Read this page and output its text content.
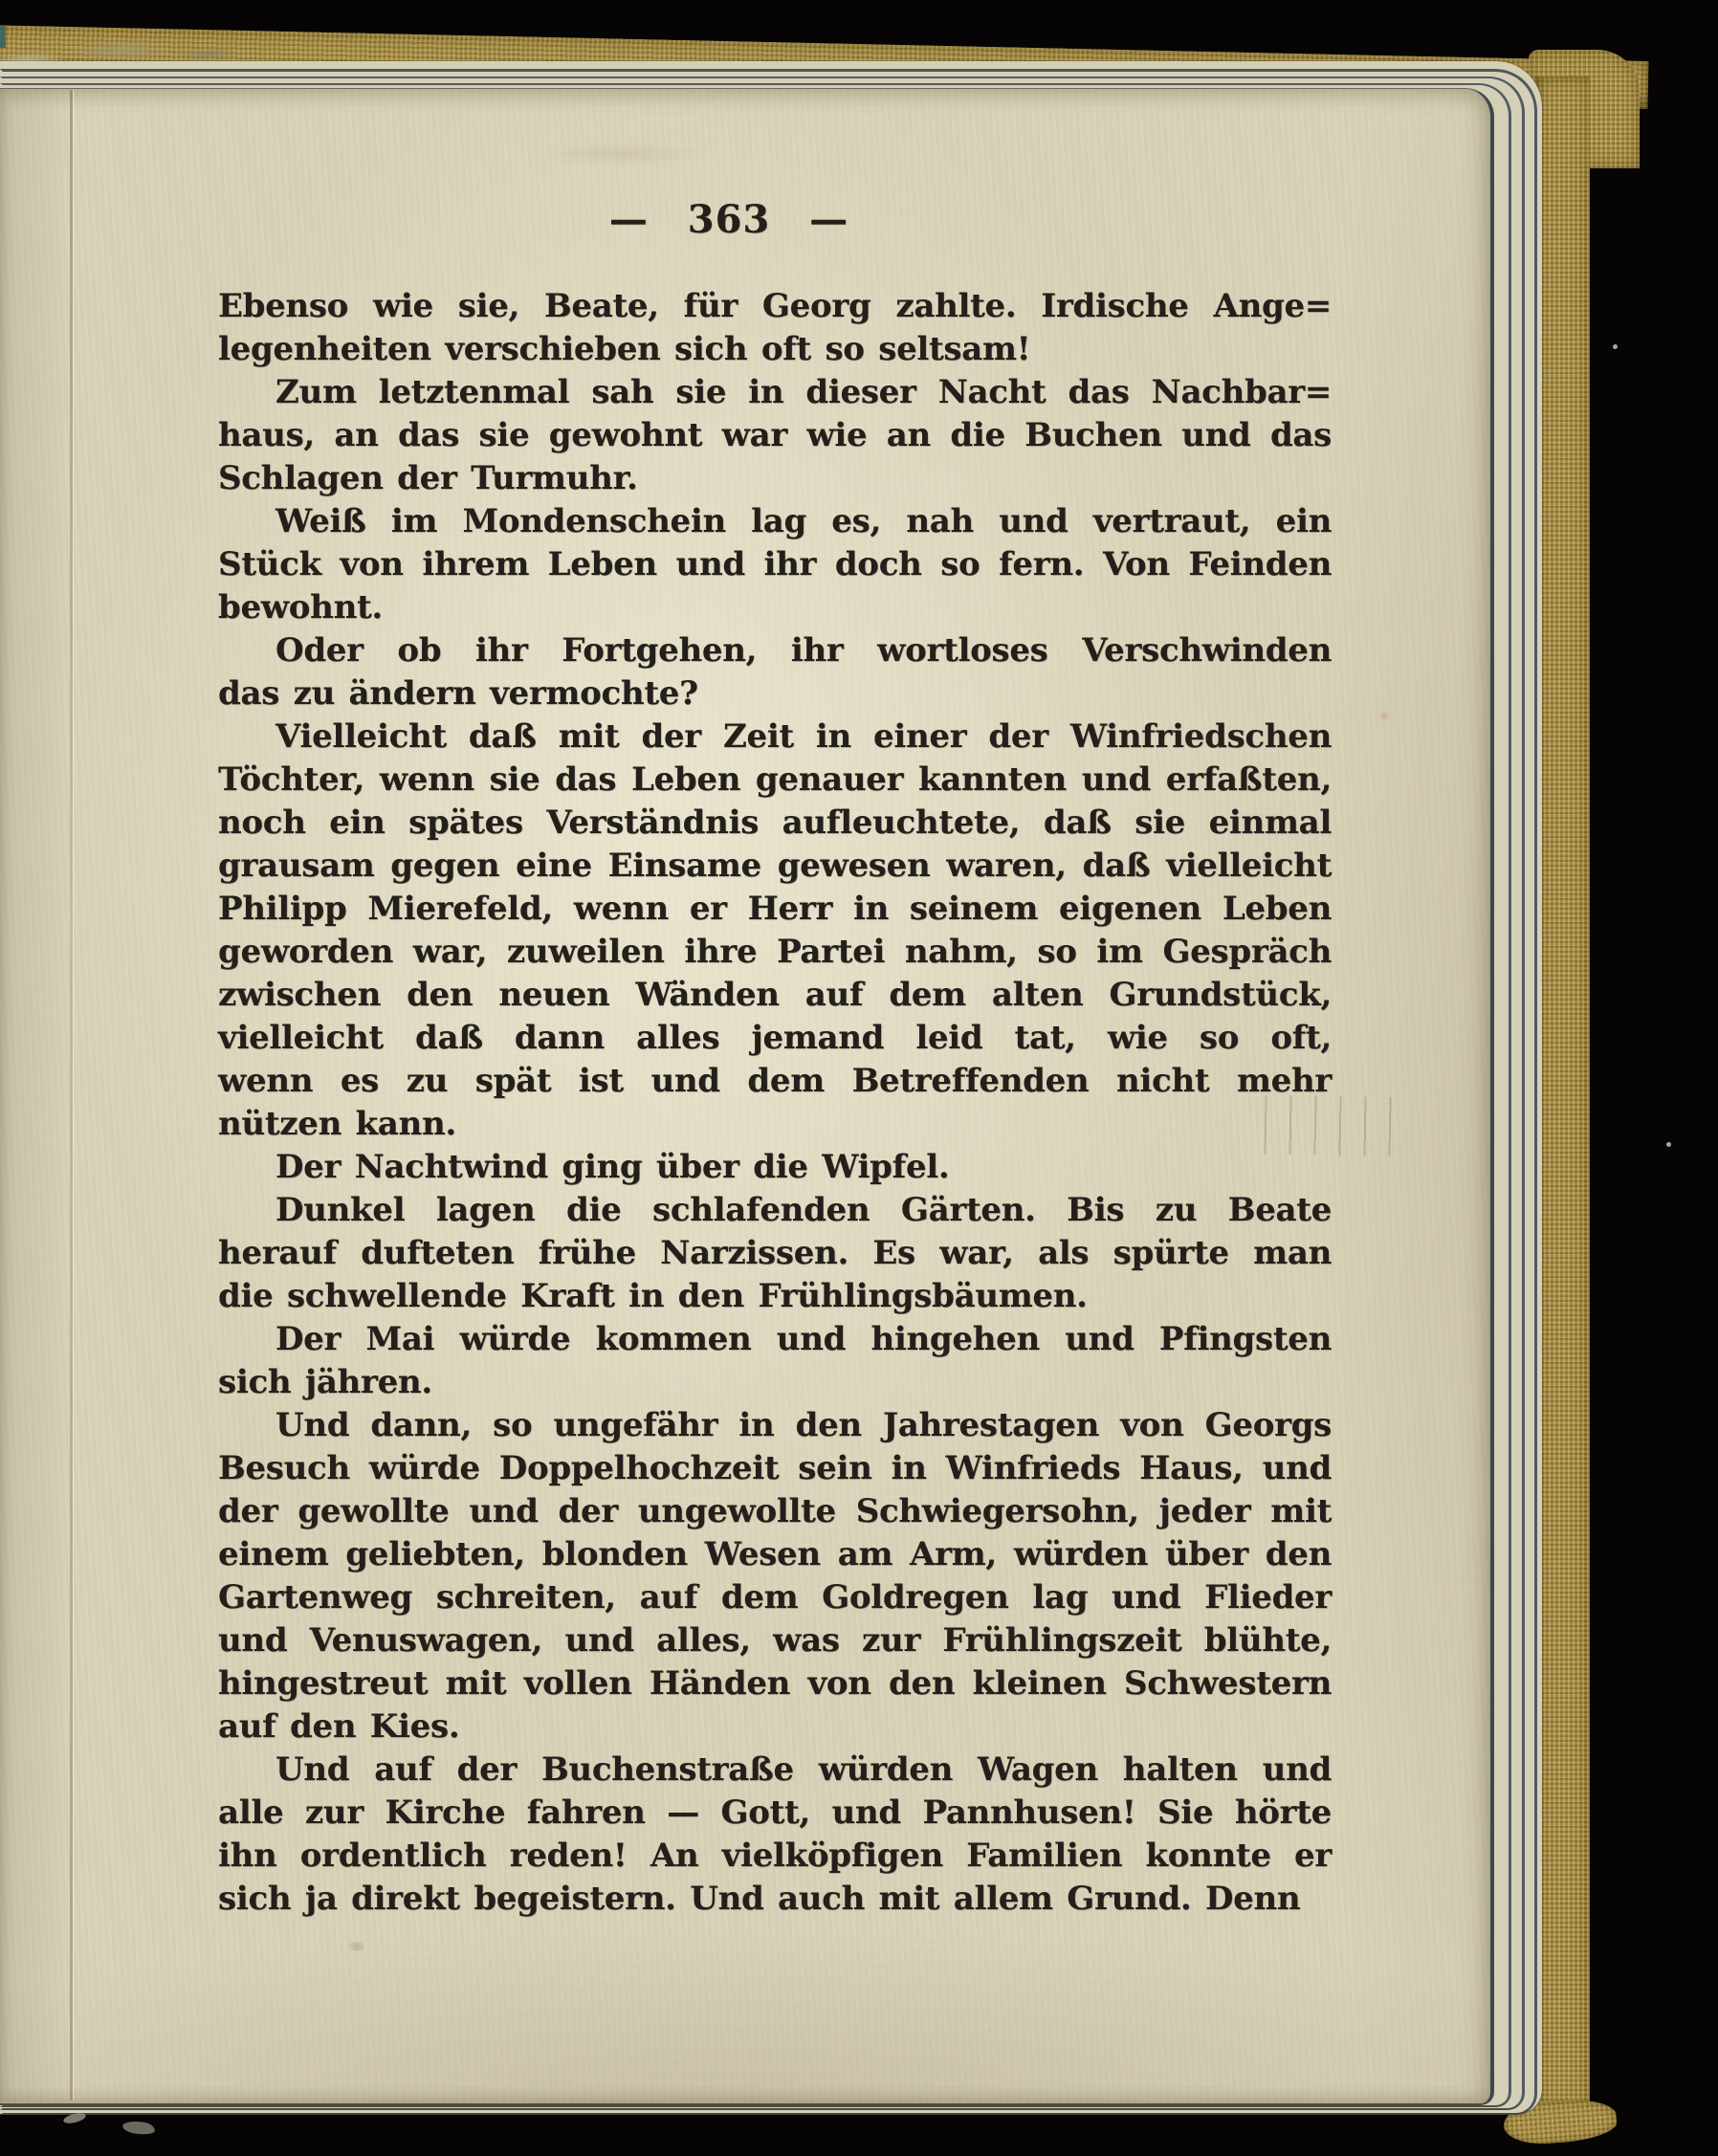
— 363 —
Ebenso wie sie, Beate, für Georg zahlte. Irdische Ange=
legenheiten verschieben sich oft so seltsam!
Zum letztenmal sah sie in dieser Nacht das Nachbar=
haus, an das sie gewohnt war wie an die Buchen und das
Schlagen der Turmuhr.
Weiß im Mondenschein lag es, nah und vertraut, ein
Stück von ihrem Leben und ihr doch so fern. Von Feinden
bewohnt.
Oder ob ihr Fortgehen, ihr wortloses Verschwinden
das zu ändern vermochte?
Vielleicht daß mit der Zeit in einer der Winfriedschen
Töchter, wenn sie das Leben genauer kannten und erfaßten,
noch ein spätes Verständnis aufleuchtete, daß sie einmal
grausam gegen eine Einsame gewesen waren, daß vielleicht
Philipp Mierefeld, wenn er Herr in seinem eigenen Leben
geworden war, zuweilen ihre Partei nahm, so im Gespräch
zwischen den neuen Wänden auf dem alten Grundstück,
vielleicht daß dann alles jemand leid tat, wie so oft,
wenn es zu spät ist und dem Betreffenden nicht mehr
nützen kann.
Der Nachtwind ging über die Wipfel.
Dunkel lagen die schlafenden Gärten. Bis zu Beate
herauf dufteten frühe Narzissen. Es war, als spürte man
die schwellende Kraft in den Frühlingsbäumen.
Der Mai würde kommen und hingehen und Pfingsten
sich jähren.
Und dann, so ungefähr in den Jahrestagen von Georgs
Besuch würde Doppelhochzeit sein in Winfrieds Haus, und
der gewollte und der ungewollte Schwiegersohn, jeder mit
einem geliebten, blonden Wesen am Arm, würden über den
Gartenweg schreiten, auf dem Goldregen lag und Flieder
und Venuswagen, und alles, was zur Frühlingszeit blühte,
hingestreut mit vollen Händen von den kleinen Schwestern
auf den Kies.
Und auf der Buchenstraße würden Wagen halten und
alle zur Kirche fahren — Gott, und Pannhusen! Sie hörte
ihn ordentlich reden! An vielköpfigen Familien konnte er
sich ja direkt begeistern. Und auch mit allem Grund. Denn
